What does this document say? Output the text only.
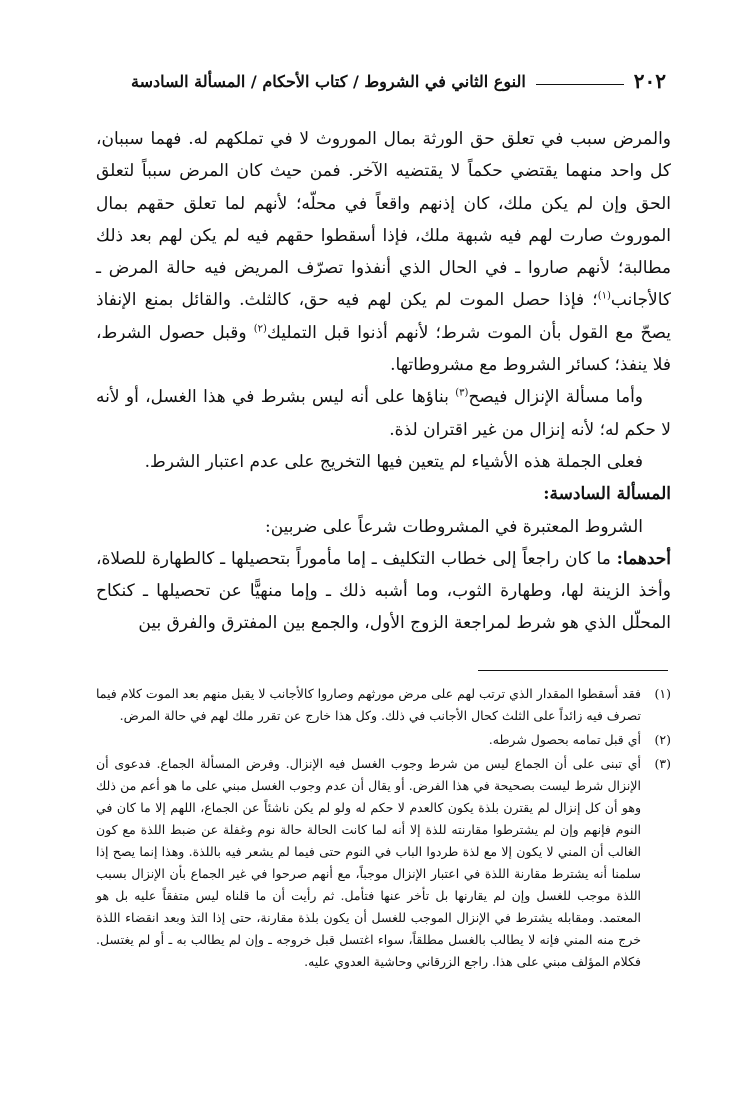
٢٠٢
النوع الثاني في الشروط / كتاب الأحكام / المسألة السادسة

والمرض سبب في تعلق حق الورثة بمال الموروث لا في تملكهم له. فهما سببان، كل واحد منهما يقتضي حكماً لا يقتضيه الآخر. فمن حيث كان المرض سبباً لتعلق الحق وإن لم يكن ملك، كان إذنهم واقعاً في محلّه؛ لأنهم لما تعلق حقهم بمال الموروث صارت لهم فيه شبهة ملك، فإذا أسقطوا حقهم فيه لم يكن لهم بعد ذلك مطالبة؛ لأنهم صاروا ـ في الحال الذي أنفذوا تصرّف المريض فيه حالة المرض ـ كالأجانب$^{(١)}$؛ فإذا حصل الموت لم يكن لهم فيه حق، كالثلث. والقائل بمنع الإنفاذ يصحّ مع القول بأن الموت شرط؛ لأنهم أذنوا قبل التمليك$^{(٢)}$ وقبل حصول الشرط، فلا ينفذ؛ كسائر الشروط مع مشروطاتها.

وأما مسألة الإنزال فيصح$^{(٣)}$ بناؤها على أنه ليس بشرط في هذا الغسل، أو لأنه لا حكم له؛ لأنه إنزال من غير اقتران لذة.

فعلى الجملة هذه الأشياء لم يتعين فيها التخريج على عدم اعتبار الشرط.

المسألة السادسة:

الشروط المعتبرة في المشروطات شرعاً على ضربين:

أحدهما: ما كان راجعاً إلى خطاب التكليف ـ إما مأموراً بتحصيلها ـ كالطهارة للصلاة، وأخذ الزينة لها، وطهارة الثوب، وما أشبه ذلك ـ وإما منهيًّا عن تحصيلها ـ كنكاح المحلّل الذي هو شرط لمراجعة الزوج الأول، والجمع بين المفترق والفرق بين

(١)
فقد أسقطوا المقدار الذي ترتب لهم على مرض مورثهم وصاروا كالأجانب لا يقبل منهم بعد الموت كلام فيما تصرف فيه زائداً على الثلث كحال الأجانب في ذلك. وكل هذا خارج عن تقرر ملك لهم في حالة المرض.
(٢)
أي قبل تمامه بحصول شرطه.
(٣)
أي تبنى على أن الجماع ليس من شرط وجوب الغسل فيه الإنزال. وفرض المسألة الجماع. فدعوى أن الإنزال شرط ليست بصحيحة في هذا الفرض. أو يقال أن عدم وجوب الغسل مبني على ما هو أعم من ذلك وهو أن كل إنزال لم يقترن بلذة يكون كالعدم لا حكم له ولو لم يكن ناشئاً عن الجماع، اللهم إلا ما كان في النوم فإنهم وإن لم يشترطوا مقارنته للذة إلا أنه لما كانت الحالة حالة نوم وغفلة عن ضبط اللذة مع كون الغالب أن المني لا يكون إلا مع لذة طردوا الباب في النوم حتى فيما لم يشعر فيه باللذة. وهذا إنما يصح إذا سلمنا أنه يشترط مقارنة اللذة في اعتبار الإنزال موجباً، مع أنهم صرحوا في غير الجماع بأن الإنزال بسبب اللذة موجب للغسل وإن لم يقارنها بل تأخر عنها فتأمل. ثم رأيت أن ما قلناه ليس متفقاً عليه بل هو المعتمد. ومقابله يشترط في الإنزال الموجب للغسل أن يكون بلذة مقارنة، حتى إذا التذ وبعد انقضاء اللذة خرج منه المني فإنه لا يطالب بالغسل مطلقاً، سواء اغتسل قبل خروجه ـ وإن لم يطالب به ـ أو لم يغتسل. فكلام المؤلف مبني على هذا. راجع الزرقاني وحاشية العدوي عليه.
